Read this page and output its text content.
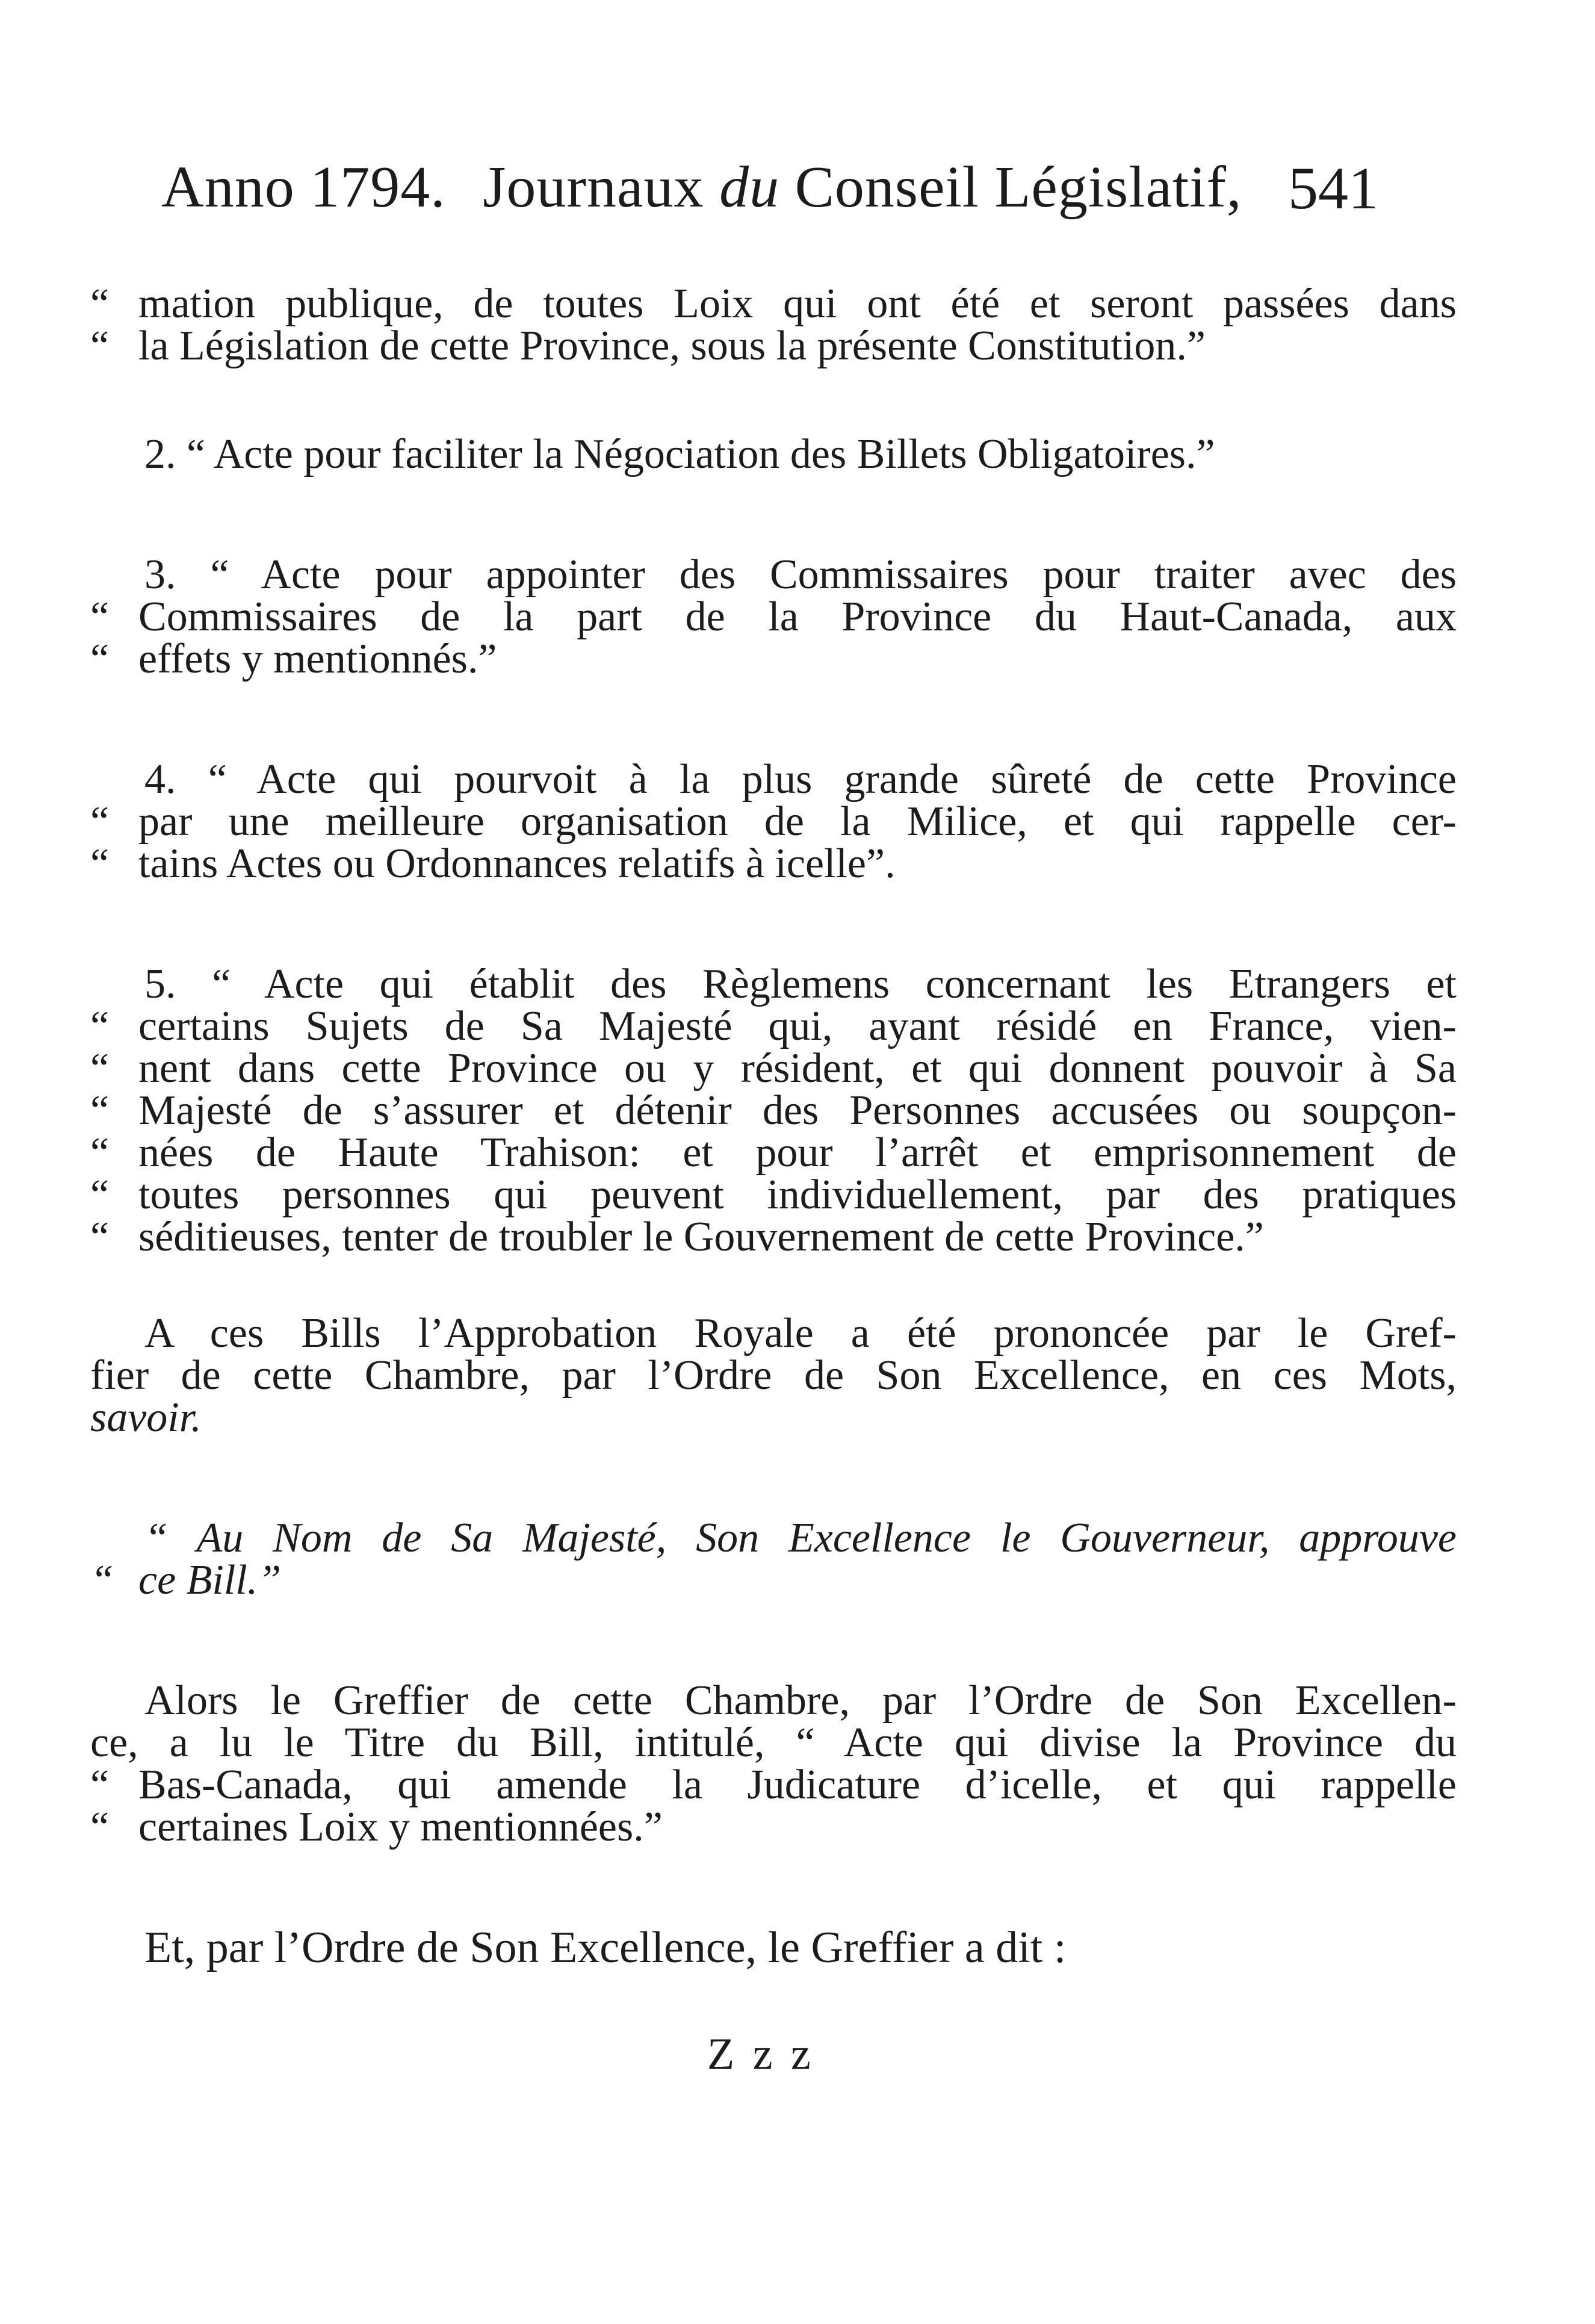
Anno 1794. Journaux du Conseil Législatif, 541
“ mation publique, de toutes Loix qui ont été et seront passées dans
“ la Législation de cette Province, sous la présente Constitution.”
2. “ Acte pour faciliter la Négociation des Billets Obligatoires.”
3. “ Acte pour appointer des Commissaires pour traiter avec des
“ Commissaires de la part de la Province du Haut-Canada, aux
“ effets y mentionnés.”
4. “ Acte qui pourvoit à la plus grande sûreté de cette Province
“ par une meilleure organisation de la Milice, et qui rappelle cer-
“ tains Actes ou Ordonnances relatifs à icelle”.
5. “ Acte qui établit des Règlemens concernant les Etrangers et
“ certains Sujets de Sa Majesté qui, ayant résidé en France, vien-
“ nent dans cette Province ou y résident, et qui donnent pouvoir à Sa
“ Majesté de s’assurer et détenir des Personnes accusées ou soupçon-
“ nées de Haute Trahison: et pour l’arrêt et emprisonnement de
“ toutes personnes qui peuvent individuellement, par des pratiques
“ séditieuses, tenter de troubler le Gouvernement de cette Province.”
A ces Bills l’Approbation Royale a été prononcée par le Gref-
fier de cette Chambre, par l’Ordre de Son Excellence, en ces Mots,
savoir.
“ Au Nom de Sa Majesté, Son Excellence le Gouverneur, approuve
“ ce Bill.”
Alors le Greffier de cette Chambre, par l’Ordre de Son Excellen-
ce, a lu le Titre du Bill, intitulé, “ Acte qui divise la Province du
“ Bas-Canada, qui amende la Judicature d’icelle, et qui rappelle
“ certaines Loix y mentionnées.”
Et, par l’Ordre de Son Excellence, le Greffier a dit :
Z z z
